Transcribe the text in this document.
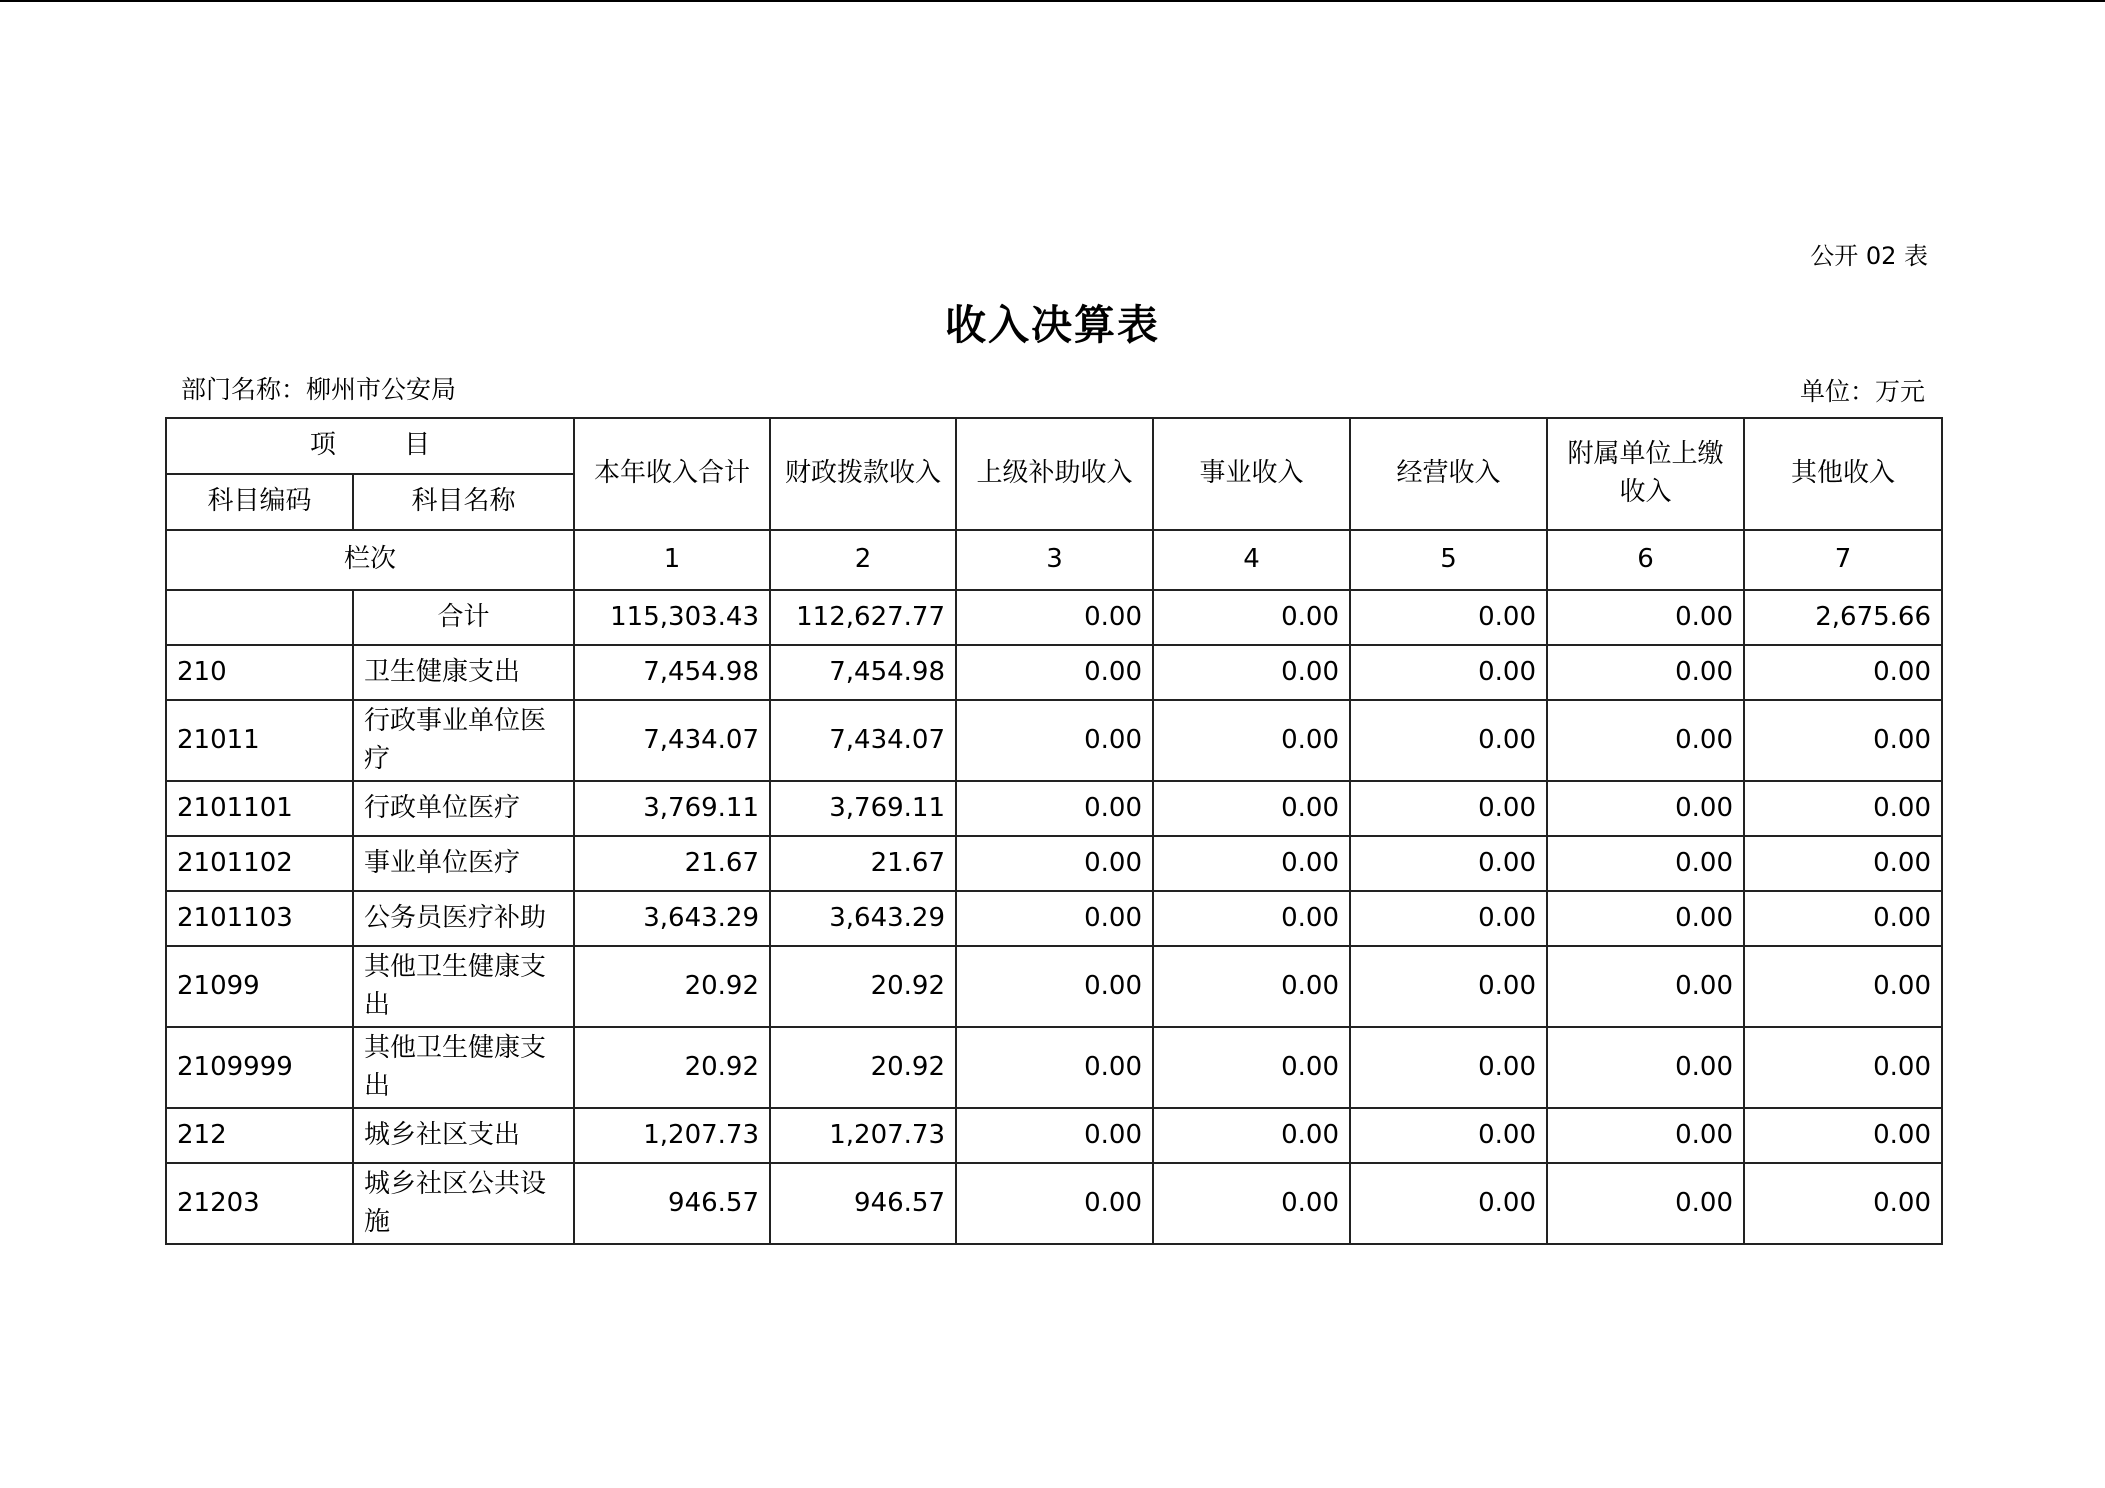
公开 02 表
收入决算表
部门名称：柳州市公安局	单位：万元
项 目		本年收入合计	财政拨款收入	上级补助收入	事业收入	经营收入	附属单位上缴收入	其他收入
科目编码	科目名称							
栏次		1	2	3	4	5	6	7
	合计	115,303.43	112,627.77	0.00	0.00	0.00	0.00	2,675.66
210	卫生健康支出	7,454.98	7,454.98	0.00	0.00	0.00	0.00	0.00
21011	行政事业单位医疗	7,434.07	7,434.07	0.00	0.00	0.00	0.00	0.00
2101101	行政单位医疗	3,769.11	3,769.11	0.00	0.00	0.00	0.00	0.00
2101102	事业单位医疗	21.67	21.67	0.00	0.00	0.00	0.00	0.00
2101103	公务员医疗补助	3,643.29	3,643.29	0.00	0.00	0.00	0.00	0.00
21099	其他卫生健康支出	20.92	20.92	0.00	0.00	0.00	0.00	0.00
2109999	其他卫生健康支出	20.92	20.92	0.00	0.00	0.00	0.00	0.00
212	城乡社区支出	1,207.73	1,207.73	0.00	0.00	0.00	0.00	0.00
21203	城乡社区公共设施	946.57	946.57	0.00	0.00	0.00	0.00	0.00
